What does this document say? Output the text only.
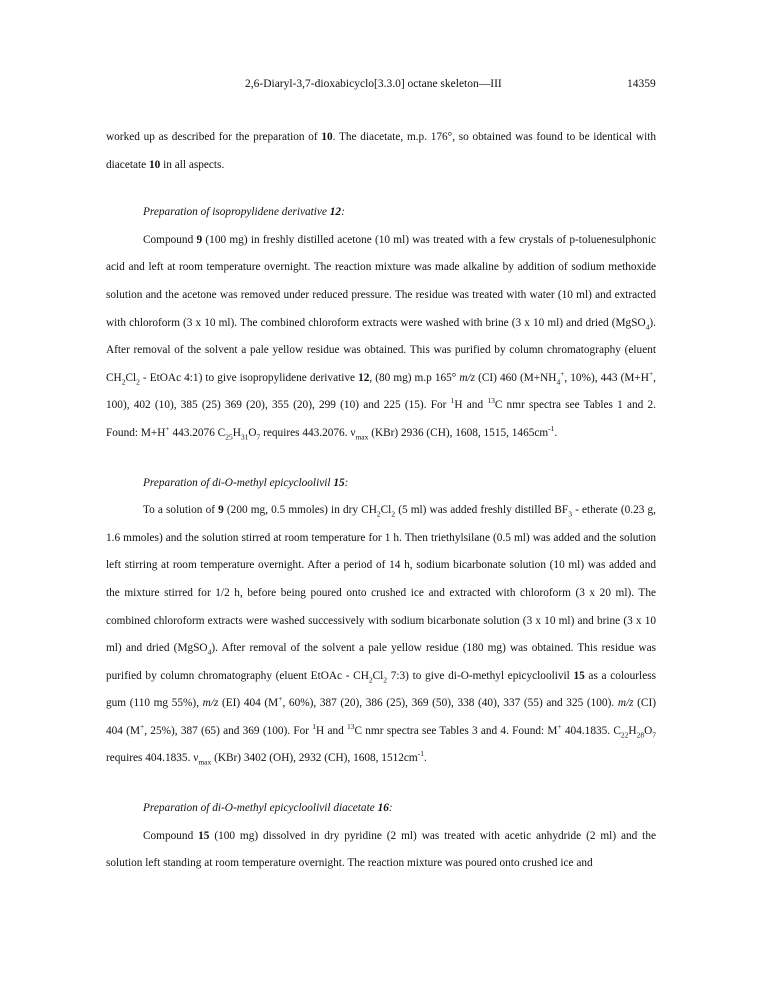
2,6-Diaryl-3,7-dioxabicyclo[3.3.0] octane skeleton—III	14359

worked up as described for the preparation of 10. The diacetate, m.p. 176°, so obtained was found to be identical with diacetate 10 in all aspects.

Preparation of isopropylidene derivative 12:

Compound 9 (100 mg) in freshly distilled acetone (10 ml) was treated with a few crystals of p-toluenesulphonic acid and left at room temperature overnight. The reaction mixture was made alkaline by addition of sodium methoxide solution and the acetone was removed under reduced pressure. The residue was treated with water (10 ml) and extracted with chloroform (3 x 10 ml). The combined chloroform extracts were washed with brine (3 x 10 ml) and dried (MgSO$_4$). After removal of the solvent a pale yellow residue was obtained. This was purified by column chromatography (eluent $CH_2Cl_2$ - EtOAc 4:1) to give isopropylidene derivative 12, (80 mg) m.p 165° m/z (CI) 460 ($M+NH_4^+$, 10%), 443 (M+H+, 100), 402 (10), 385 (25) 369 (20), 355 (20), 299 (10) and 225 (15). For $^1$H and $^{13}$C nmr spectra see Tables 1 and 2. Found: M+H+ 443.2076 $C_{25}H_{31}O_7$ requires 443.2076. $\nu_{max}$ (KBr) 2936 (CH), 1608, 1515, $1465cm^{-1}$.

Preparation of di-O-methyl epicycloolivil 15:

To a solution of 9 (200 mg, 0.5 mmoles) in dry $CH_2Cl_2$ (5 ml) was added freshly distilled $BF_3$ - etherate (0.23 g, 1.6 mmoles) and the solution stirred at room temperature for 1 h. Then triethylsilane (0.5 ml) was added and the solution left stirring at room temperature overnight. After a period of 14 h, sodium bicarbonate solution (10 ml) was added and the mixture stirred for 1/2 h, before being poured onto crushed ice and extracted with chloroform (3 x 20 ml). The combined chloroform extracts were washed successively with sodium bicarbonate solution (3 x 10 ml) and brine (3 x 10 ml) and dried (MgSO$_4$). After removal of the solvent a pale yellow residue (180 mg) was obtained. This residue was purified by column chromatography (eluent EtOAc - $CH_2Cl_2$ 7:3) to give di-O-methyl epicycloolivil 15 as a colourless gum (110 mg 55%), m/z (EI) 404 (M+, 60%), 387 (20), 386 (25), 369 (50), 338 (40), 337 (55) and 325 (100). m/z (CI) 404 (M+, 25%), 387 (65) and 369 (100). For $^1$H and $^{13}$C nmr spectra see Tables 3 and 4. Found: M+ 404.1835. $C_{22}H_{28}O_7$ requires 404.1835. $\nu_{max}$ (KBr) 3402 (OH), 2932 (CH), 1608, $1512cm^{-1}$.

Preparation of di-O-methyl epicycloolivil diacetate 16:

Compound 15 (100 mg) dissolved in dry pyridine (2 ml) was treated with acetic anhydride (2 ml) and the solution left standing at room temperature overnight. The reaction mixture was poured onto crushed ice and
